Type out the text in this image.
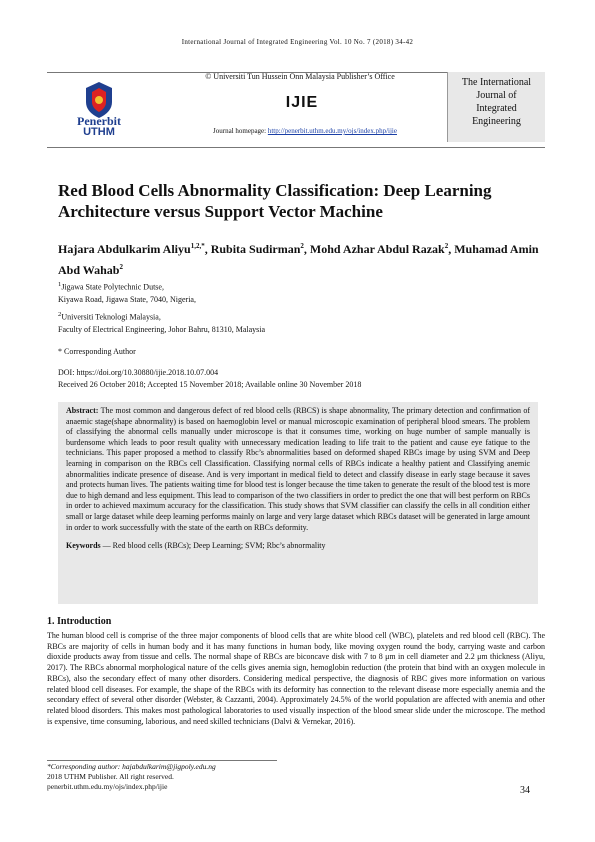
International Journal of Integrated Engineering Vol. 10 No. 7 (2018) 34-42
Penerbit
UTHM
© Universiti Tun Hussein Onn Malaysia Publisher’s Office
IJIE
Journal homepage: http://penerbit.uthm.edu.my/ojs/index.php/ijie
The International
Journal of
Integrated
Engineering
Red Blood Cells Abnormality Classification: Deep Learning Architecture versus Support Vector Machine
Hajara Abdulkarim Aliyu$^{1,2,*}$, Rubita Sudirman$^2$, Mohd Azhar Abdul Razak$^2$, Muhamad Amin Abd Wahab$^2$
$^1$Jigawa State Polytechnic Dutse,
Kiyawa Road, Jigawa State, 7040, Nigeria,
$^2$Universiti Teknologi Malaysia,
Faculty of Electrical Engineering, Johor Bahru, 81310, Malaysia
* Corresponding Author
DOI: https://doi.org/10.30880/ijie.2018.10.07.004
Received 26 October 2018; Accepted 15 November 2018; Available online 30 November 2018
Abstract: The most common and dangerous defect of red blood cells (RBCS) is shape abnormality, The primary detection and confirmation of anaemic stage(shape abnormality) is based on haemoglobin level or manual microscopic examination of peripheral blood smears. The problem of classifying the abnormal cells manually under microscope is that it consumes time, working on huge number of sample manually is burdensome which leads to poor result quality with unnecessary medication leading to life trait to the patient and cause eye fatique to the technicians. This paper proposed a method to classify Rbc’s abnormalities based on deformed shaped RBCs image by using SVM and Deep learning in comparison on the RBCs cell Classification. Classifying normal cells of RBCs indicate a healthy patient and Classifying anemic abnormalities indicate presence of disease. And is very important in medical field to detect and classify disease in early stage because it saves and protects human lives. The patients waiting time for blood test is longer because the time taken to generate the result of the blood test is more due to high demand and less equipment. This lead to comparison of the two classifiers in order to predict the one that will best perform on RBCs in order to achieved maximum accuracy for the classification. This study shows that SVM classifier can classify the cells in all condition either small or large dataset while deep learning performs mainly on large and very large dataset which RBCs dataset will be generated in large amount in order to work successfully with the state of the earth on RBCs deformity.
Keywords — Red blood cells (RBCs); Deep Learning; SVM; Rbc’s abnormality
1. Introduction
The human blood cell is comprise of the three major components of blood cells that are white blood cell (WBC), platelets and red blood cell (RBC). The RBCs are majority of cells in human body and it has many functions in human body, like moving oxygen round the body, carrying waste and carbon dioxide products away from tissue and cells. The normal shape of RBCs are biconcave disk with 7 to 8 μm in cell diameter and 2.2 μm thickness (Aliyu, 2017). The RBCs abnormal morphological nature of the cells gives anemia sign, hemoglobin reduction (the protein that bind with an oxygen molecule in RBCs), also the secondary effect of many other disorders. Considering medical perspective, the diagnosis of RBC gives more information on various related blood cell diseases. For example, the shape of the RBCs with its deformity has connection to the relevant disease more especially anemia and the secondary effect of several other disorder (Webster, & Cazzanti, 2004). Approximately 24.5% of the world population are affected with anemia and other related blood disorders. This makes most pathological laboratories to used visually inspection of the blood smear slide under the microscope. The method is expensive, time consuming, laborious, and need skilled technicians (Dalvi & Vernekar, 2016).
*Corresponding author: hajabdulkarim@jigpoly.edu.ng
2018 UTHM Publisher. All right reserved.
penerbit.uthm.edu.my/ojs/index.php/ijie	34
